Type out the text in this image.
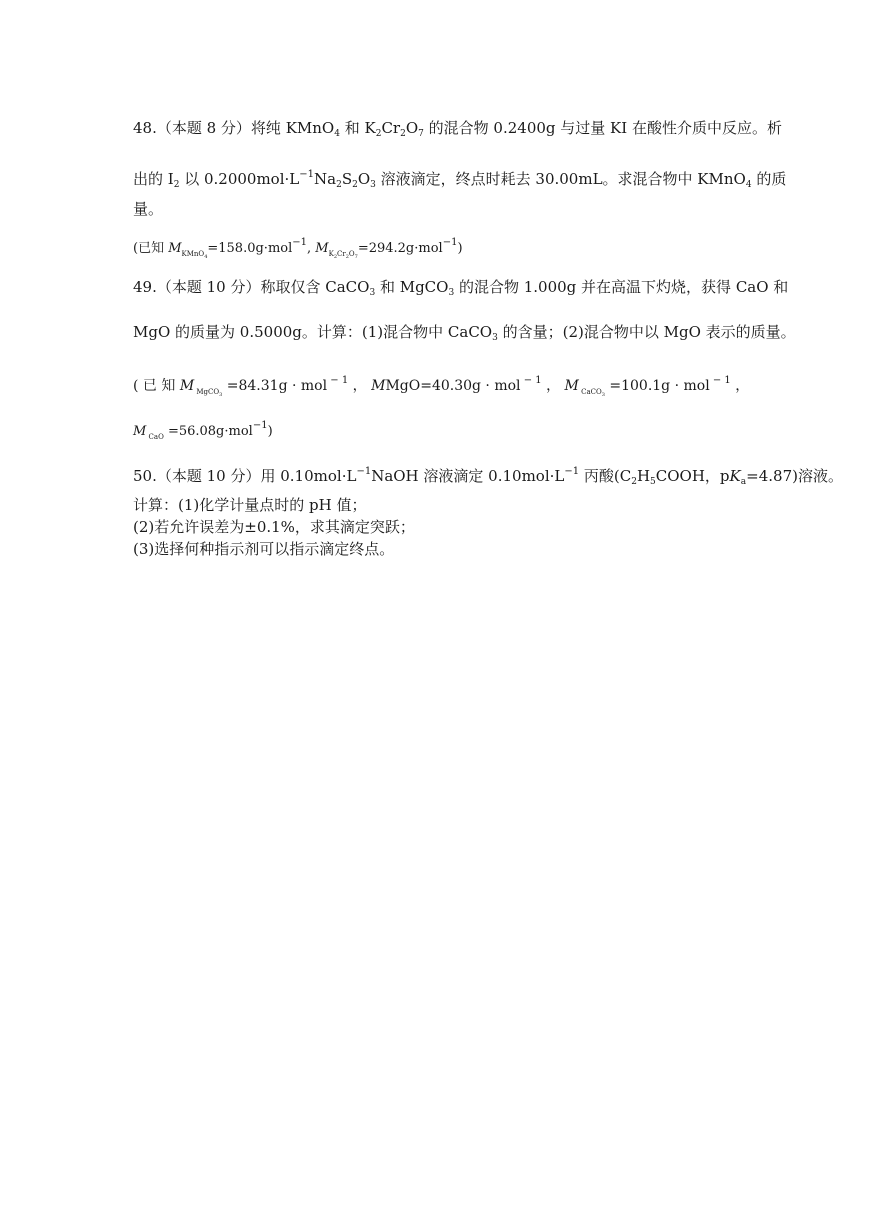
48.（本题 8 分）将纯 KMnO$_4$ 和 $K_2Cr_2O_7$ 的混合物 0.2400g 与过量 KI 在酸性介质中反应。析
出的 $I_2$ 以 $0.2000mol\cdot L^{-1}Na_2S_2O_3$ 溶液滴定，终点时耗去 30.00mL。求混合物中 KMnO$_4$ 的质
量。
(已知 $M_{KMnO_4}=158.0g\cdot mol^{-1}$, $M_{K_2Cr_2O_7}=294.2g\cdot mol^{-1}$)
49.（本题 10 分）称取仅含 CaCO$_3$ 和 MgCO$_3$ 的混合物 1.000g 并在高温下灼烧，获得 CaO 和
MgO 的质量为 0.5000g。计算：(1)混合物中 CaCO$_3$ 的含量；(2)混合物中以 MgO 表示的质量。
( 已 知 M $_{MgCO_3}$ =84.31g · mol $^{- 1}$ ， MMgO=40.30g · mol $^{- 1}$ ， M $_{CaCO_3}$ =100.1g · mol $^{- 1}$ ，
M $_{CaO}$ =56.08g·mol$^{-1}$)
50.（本题 10 分）用 $0.10mol\cdot L^{-1}NaOH$ 溶液滴定 $0.10mol\cdot L^{-1}$ 丙酸($C_2H_5COOH$，$pK_a=4.87$)溶液。
计算：(1)化学计量点时的 pH 值；
(2)若允许误差为±0.1%，求其滴定突跃；
(3)选择何种指示剂可以指示滴定终点。
